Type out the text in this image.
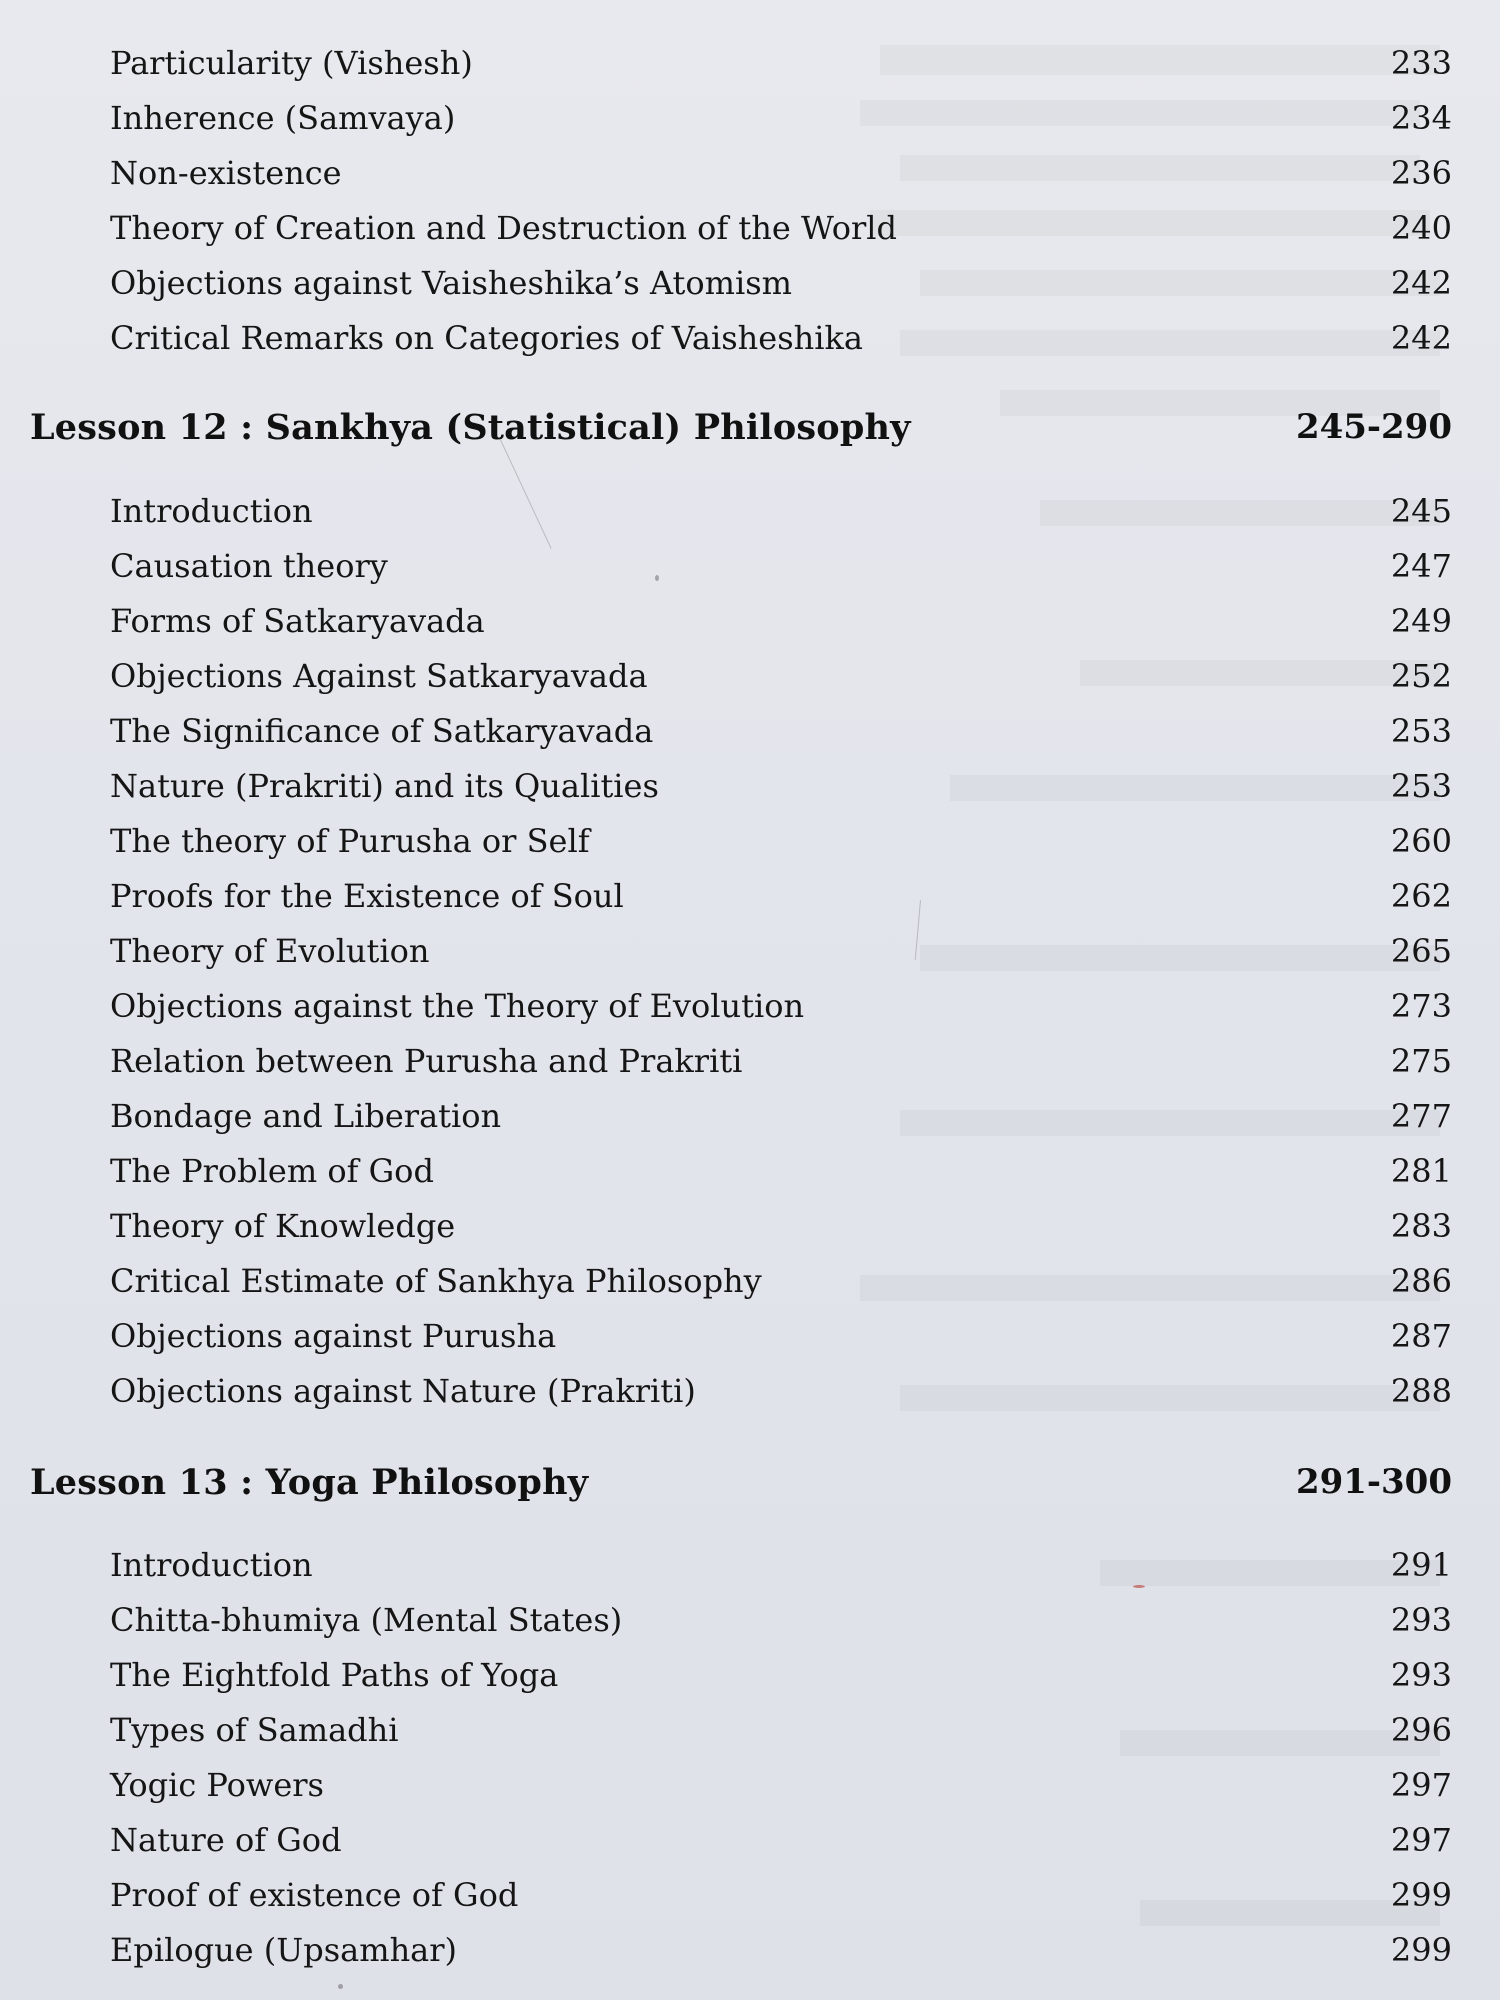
Particularity (Vishesh)	233
Inherence (Samvaya)	234
Non-existence	236
Theory of Creation and Destruction of the World	240
Objections against Vaisheshika’s Atomism	242
Critical Remarks on Categories of Vaisheshika	242
Lesson 12 : Sankhya (Statistical) Philosophy	245-290
Introduction	245
Causation theory	247
Forms of Satkaryavada	249
Objections Against Satkaryavada	252
The Significance of Satkaryavada	253
Nature (Prakriti) and its Qualities	253
The theory of Purusha or Self	260
Proofs for the Existence of Soul	262
Theory of Evolution	265
Objections against the Theory of Evolution	273
Relation between Purusha and Prakriti	275
Bondage and Liberation	277
The Problem of God	281
Theory of Knowledge	283
Critical Estimate of Sankhya Philosophy	286
Objections against Purusha	287
Objections against Nature (Prakriti)	288
Lesson 13 : Yoga Philosophy	291-300
Introduction	291
Chitta-bhumiya (Mental States)	293
The Eightfold Paths of Yoga	293
Types of Samadhi	296
Yogic Powers	297
Nature of God	297
Proof of existence of God	299
Epilogue (Upsamhar)	299
